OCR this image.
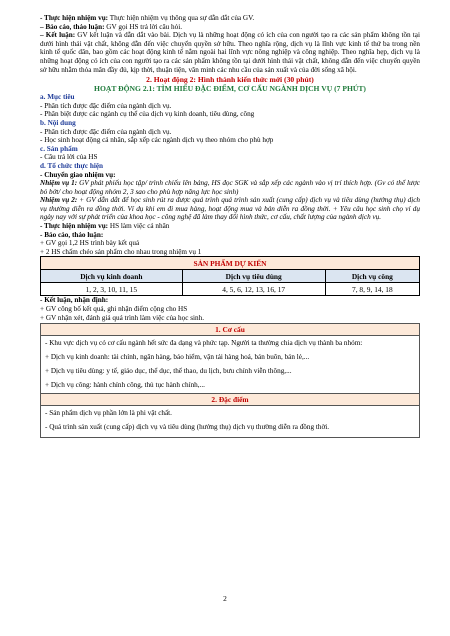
- Thực hiện nhiệm vụ: Thực hiện nhiệm vụ thông qua sự dẫn dắt của GV.

– Báo cáo, thảo luận: GV gọi HS trả lời câu hỏi.

– Kết luận: GV kết luận và dẫn dắt vào bài. Dịch vụ là những hoạt động có ích của con người tạo ra các sản phẩm không tồn tại dưới hình thái vật chất, không dẫn đến việc chuyển quyền sở hữu. Theo nghĩa rộng, dịch vụ là lĩnh vực kinh tế thứ ba trong nền kinh tế quốc dân, bao gồm các hoạt động kinh tế nằm ngoài hai lĩnh vực nông nghiệp và công nghiệp. Theo nghĩa hẹp, dịch vụ là những hoạt động có ích của con người tạo ra các sản phẩm không tồn tại dưới hình thái vật chất, không dẫn đến việc chuyển quyền sở hữu nhằm thỏa mãn đầy đủ, kịp thời, thuận tiện, văn minh các nhu cầu của sản xuất và của đời sống xã hội.

2. Hoạt động 2: Hình thành kiến thức mới (30 phút)

HOẠT ĐỘNG 2.1: TÌM HIỂU ĐẶC ĐIỂM, CƠ CẤU NGÀNH DỊCH VỤ (7 PHÚT)

a. Mục tiêu

- Phân tích được đặc điểm của ngành dịch vụ.

- Phân biệt được các ngành cụ thể của dịch vụ kinh doanh, tiêu dùng, công

b. Nội dung

- Phân tích được đặc điểm của ngành dịch vụ.

- Học sinh hoạt động cá nhân, sắp xếp các ngành dịch vụ theo nhóm cho phù hợp

c. Sản phẩm

- Câu trả lời của HS

d. Tổ chức thực hiện

- Chuyển giao nhiệm vụ:

Nhiệm vụ 1: GV phát phiếu học tập/ trình chiếu lên bảng, HS đọc SGK và sắp xếp các ngành vào vị trí thích hợp. (Gv có thể lược bỏ bớt/ cho hoạt động nhóm 2, 3 sao cho phù hợp năng lực học sinh)

Nhiệm vụ 2: + GV dẫn dắt để học sinh rút ra được quá trình quá trình sản xuất (cung cấp) dịch vụ và tiêu dùng (hưởng thụ) dịch vụ thường diễn ra đồng thời. Ví dụ khi em đi mua hàng, hoạt động mua và bán diễn ra đồng thời. + Yêu câu học sinh chọ ví dụ ngày nay với sự phát triển của khoa học - công nghệ đã làm thay đổi hình thức, cơ cấu, chất lượng của ngành dịch vụ.

- Thực hiện nhiệm vụ: HS làm việc cá nhân

- Báo cáo, thảo luận:

+ GV gọi 1,2 HS trình bày kết quả

+ 2 HS chấm chéo sản phẩm cho nhau trong nhiệm vụ 1

SẢN PHẨM DỰ KIẾN		
Dịch vụ kinh doanh	Dịch vụ tiêu dùng	Dịch vụ công
1, 2, 3, 10, 11, 15	4, 5, 6, 12, 13, 16, 17	7, 8, 9, 14, 18

- Kết luận, nhận định:

+ GV công bố kết quả, ghi nhận điểm cộng cho HS

+ GV nhận xét, đánh giá quá trình làm việc của học sinh.

1. Cơ cấu

- Khu vực dịch vụ có cơ cấu ngành hết sức đa dạng và phức tạp. Người ta thường chia dịch vụ thành ba nhóm:

+ Dịch vụ kinh doanh: tài chính, ngân hàng, bảo hiểm, vận tải hàng hoá, bán buôn, bán lẻ,...

+ Dịch vụ tiêu dùng: y tế, giáo dục, thể dục, thể thao, du lịch, bưu chính viễn thông,...

+ Dịch vụ công: hành chính công, thủ tục hành chính,...

2. Đặc điểm

- Sản phẩm dịch vụ phần lớn là phi vật chất.

- Quá trình sản xuất (cung cấp) dịch vụ và tiêu dùng (hưởng thụ) dịch vụ thường diễn ra đồng thời.

2
